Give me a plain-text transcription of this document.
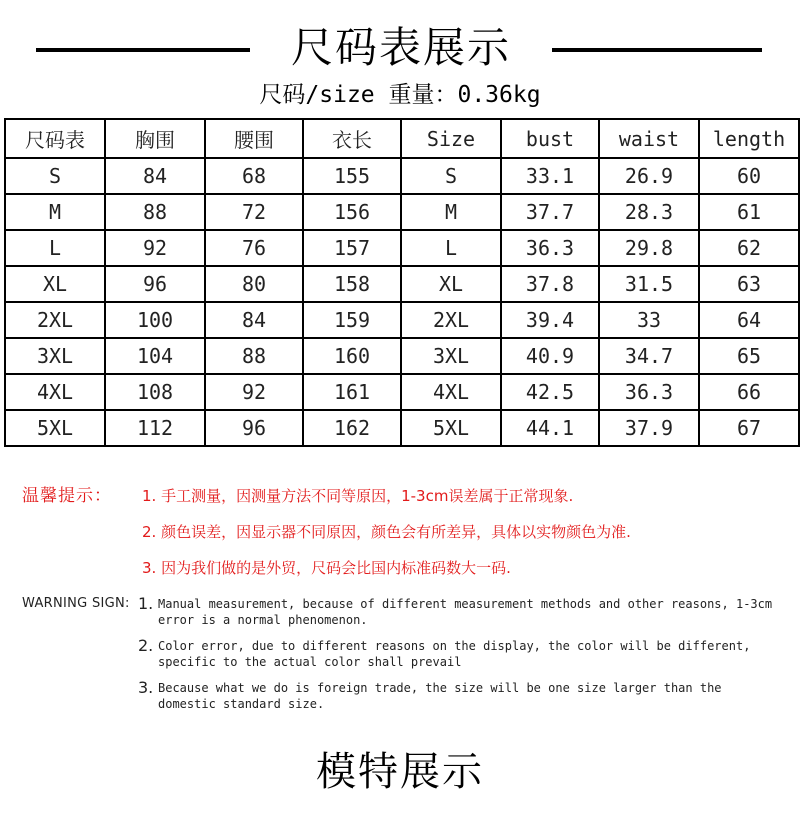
尺码表展示
尺码/size 重量：0.36kg
尺码表	胸围	腰围	衣长	Size	bust	waist	length
S	84	68	155	S	33.1	26.9	60
M	88	72	156	M	37.7	28.3	61
L	92	76	157	L	36.3	29.8	62
XL	96	80	158	XL	37.8	31.5	63
2XL	100	84	159	2XL	39.4	33	64
3XL	104	88	160	3XL	40.9	34.7	65
4XL	108	92	161	4XL	42.5	36.3	66
5XL	112	96	162	5XL	44.1	37.9	67
温馨提示： 1. 手工测量，因测量方法不同等原因，1-3cm误差属于正常现象.
2. 颜色误差，因显示器不同原因，颜色会有所差异，具体以实物颜色为准.
3. 因为我们做的是外贸，尺码会比国内标准码数大一码.
WARNING SIGN: 1. Manual measurement, because of different measurement methods and other reasons, 1-3cm error is a normal phenomenon.
2. Color error, due to different reasons on the display, the color will be different, specific to the actual color shall prevail
3. Because what we do is foreign trade, the size will be one size larger than the domestic standard size.
模特展示
